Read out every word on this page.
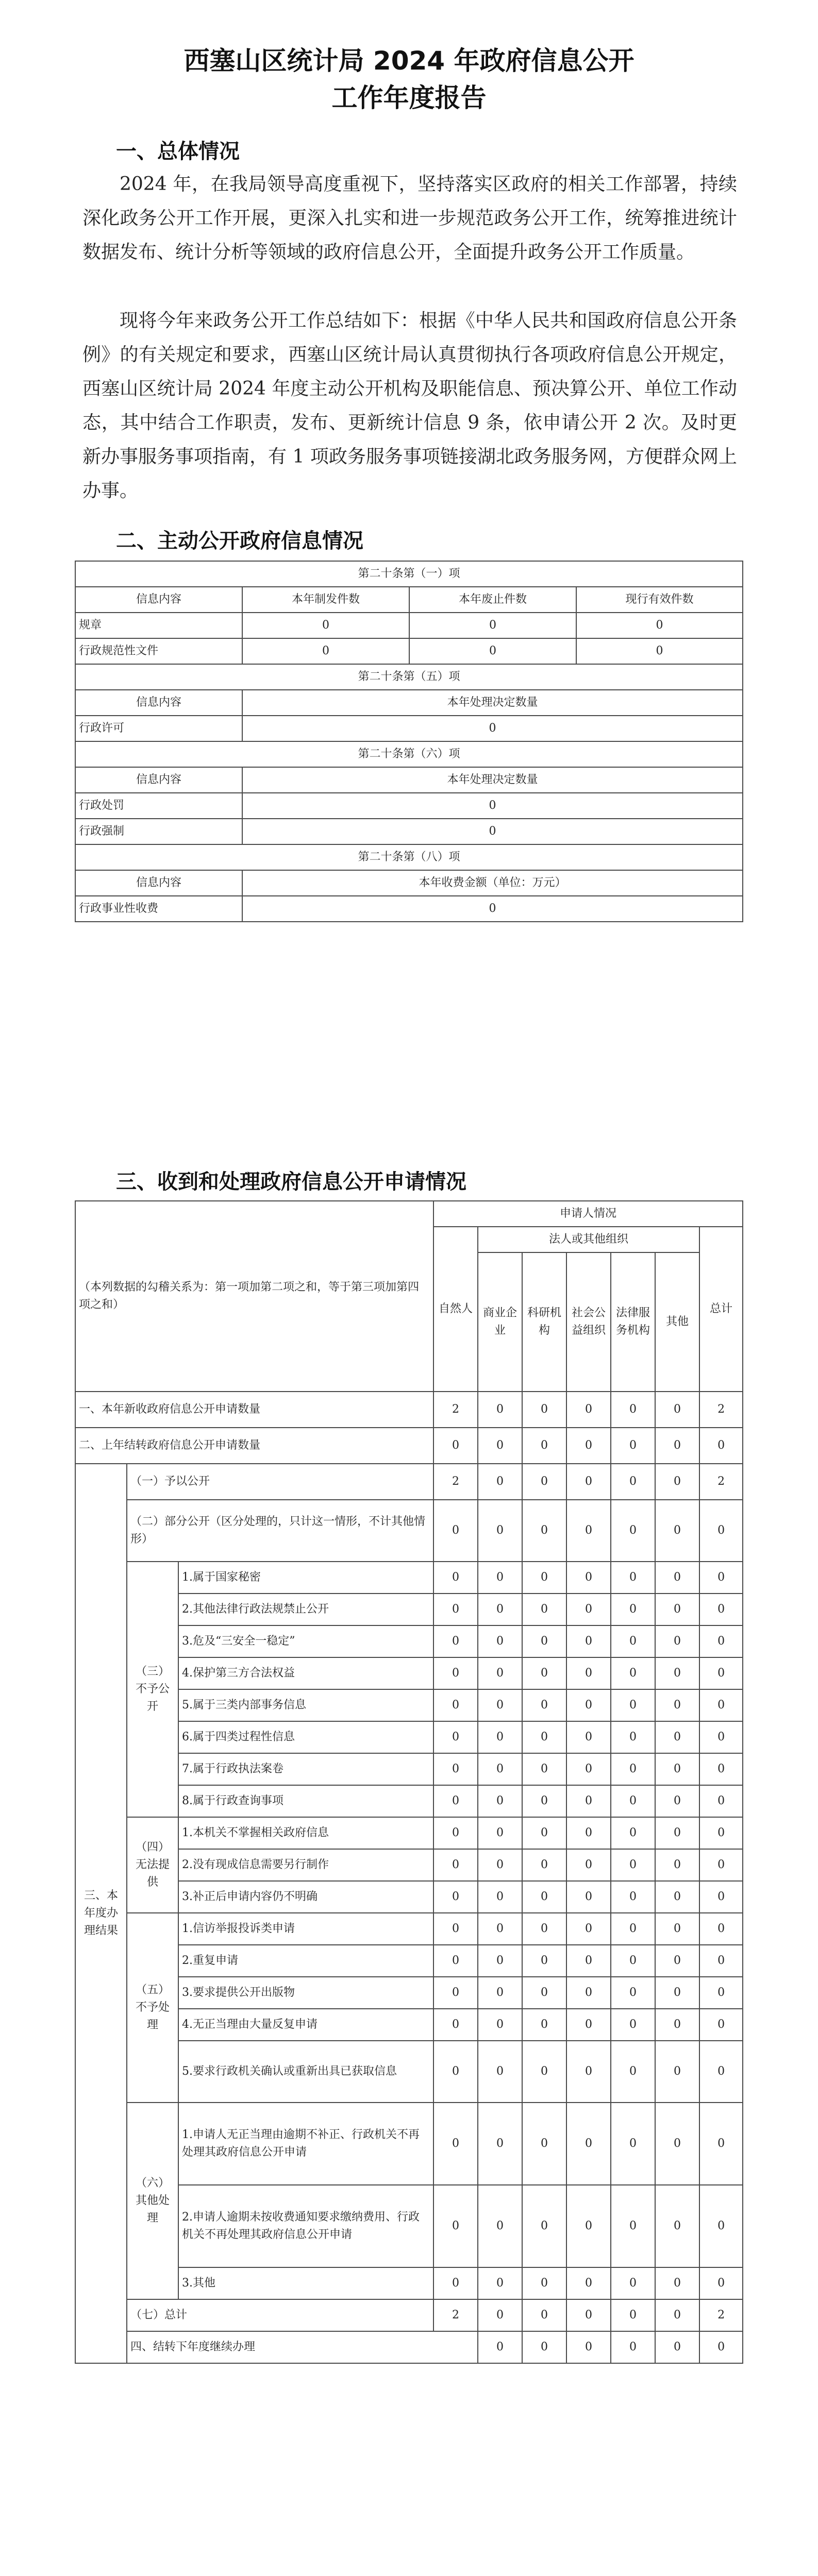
西塞山区统计局 2024 年政府信息公开
工作年度报告
一、总体情况

2024 年，在我局领导高度重视下，坚持落实区政府的相关工作部署，持续深化政务公开工作开展，更深入扎实和进一步规范政务公开工作，统筹推进统计数据发布、统计分析等领域的政府信息公开，全面提升政务公开工作质量。

现将今年来政务公开工作总结如下：根据《中华人民共和国政府信息公开条例》的有关规定和要求，西塞山区统计局认真贯彻执行各项政府信息公开规定，西塞山区统计局 2024 年度主动公开机构及职能信息、预决算公开、单位工作动态，其中结合工作职责，发布、更新统计信息 9 条，依申请公开 2 次。及时更新办事服务事项指南，有 1 项政务服务事项链接湖北政务服务网，方便群众网上办事。

二、主动公开政府信息情况
第二十条第（一）项			
信息内容	本年制发件数	本年废止件数	现行有效件数
规章	0	0	0
行政规范性文件	0	0	0
第二十条第（五）项			
信息内容	本年处理决定数量		
行政许可	0		
第二十条第（六）项			
信息内容	本年处理决定数量		
行政处罚	0		
行政强制	0		
第二十条第（八）项			
信息内容	本年收费金额（单位：万元）		
行政事业性收费	0		
三、收到和处理政府信息公开申请情况
（本列数据的勾稽关系为：第一项加第二项之和，等于第三项加第四项之和）			申请人情况							
			自然人	法人或其他组织					总计	
				商业企业	科研机构	社会公益组织	法律服务机构	其他		
一、本年新收政府信息公开申请数量			2	0	0	0	0	0	2	
二、上年结转政府信息公开申请数量			0	0	0	0	0	0	0	
三、本年度办理结果	（一）予以公开		2	0	0	0	0	0	2	
	（二）部分公开（区分处理的，只计这一情形，不计其他情形）		0	0	0	0	0	0	0	
	（三）不予公开	1.属于国家秘密	0	0	0	0	0	0	0	
		2.其他法律行政法规禁止公开	0	0	0	0	0	0	0	
		3.危及“三安全一稳定”	0	0	0	0	0	0	0	
		4.保护第三方合法权益	0	0	0	0	0	0	0	
		5.属于三类内部事务信息	0	0	0	0	0	0	0	
		6.属于四类过程性信息	0	0	0	0	0	0	0	
		7.属于行政执法案卷	0	0	0	0	0	0	0	
		8.属于行政查询事项	0	0	0	0	0	0	0	
	（四）无法提供	1.本机关不掌握相关政府信息	0	0	0	0	0	0	0	
		2.没有现成信息需要另行制作	0	0	0	0	0	0	0	
		3.补正后申请内容仍不明确	0	0	0	0	0	0	0	
	（五）不予处理	1.信访举报投诉类申请	0	0	0	0	0	0	0	
		2.重复申请	0	0	0	0	0	0	0	
		3.要求提供公开出版物	0	0	0	0	0	0	0	
		4.无正当理由大量反复申请	0	0	0	0	0	0	0	
		5.要求行政机关确认或重新出具已获取信息	0	0	0	0	0	0	0	
	（六）其他处理	1.申请人无正当理由逾期不补正、行政机关不再处理其政府信息公开申请	0	0	0	0	0	0	0	
		2.申请人逾期未按收费通知要求缴纳费用、行政机关不再处理其政府信息公开申请	0	0	0	0	0	0	0	
		3.其他	0	0	0	0	0	0	0	
	（七）总计		2	0	0	0	0	0	2	
	四、结转下年度继续办理			0	0	0	0	0	0	
